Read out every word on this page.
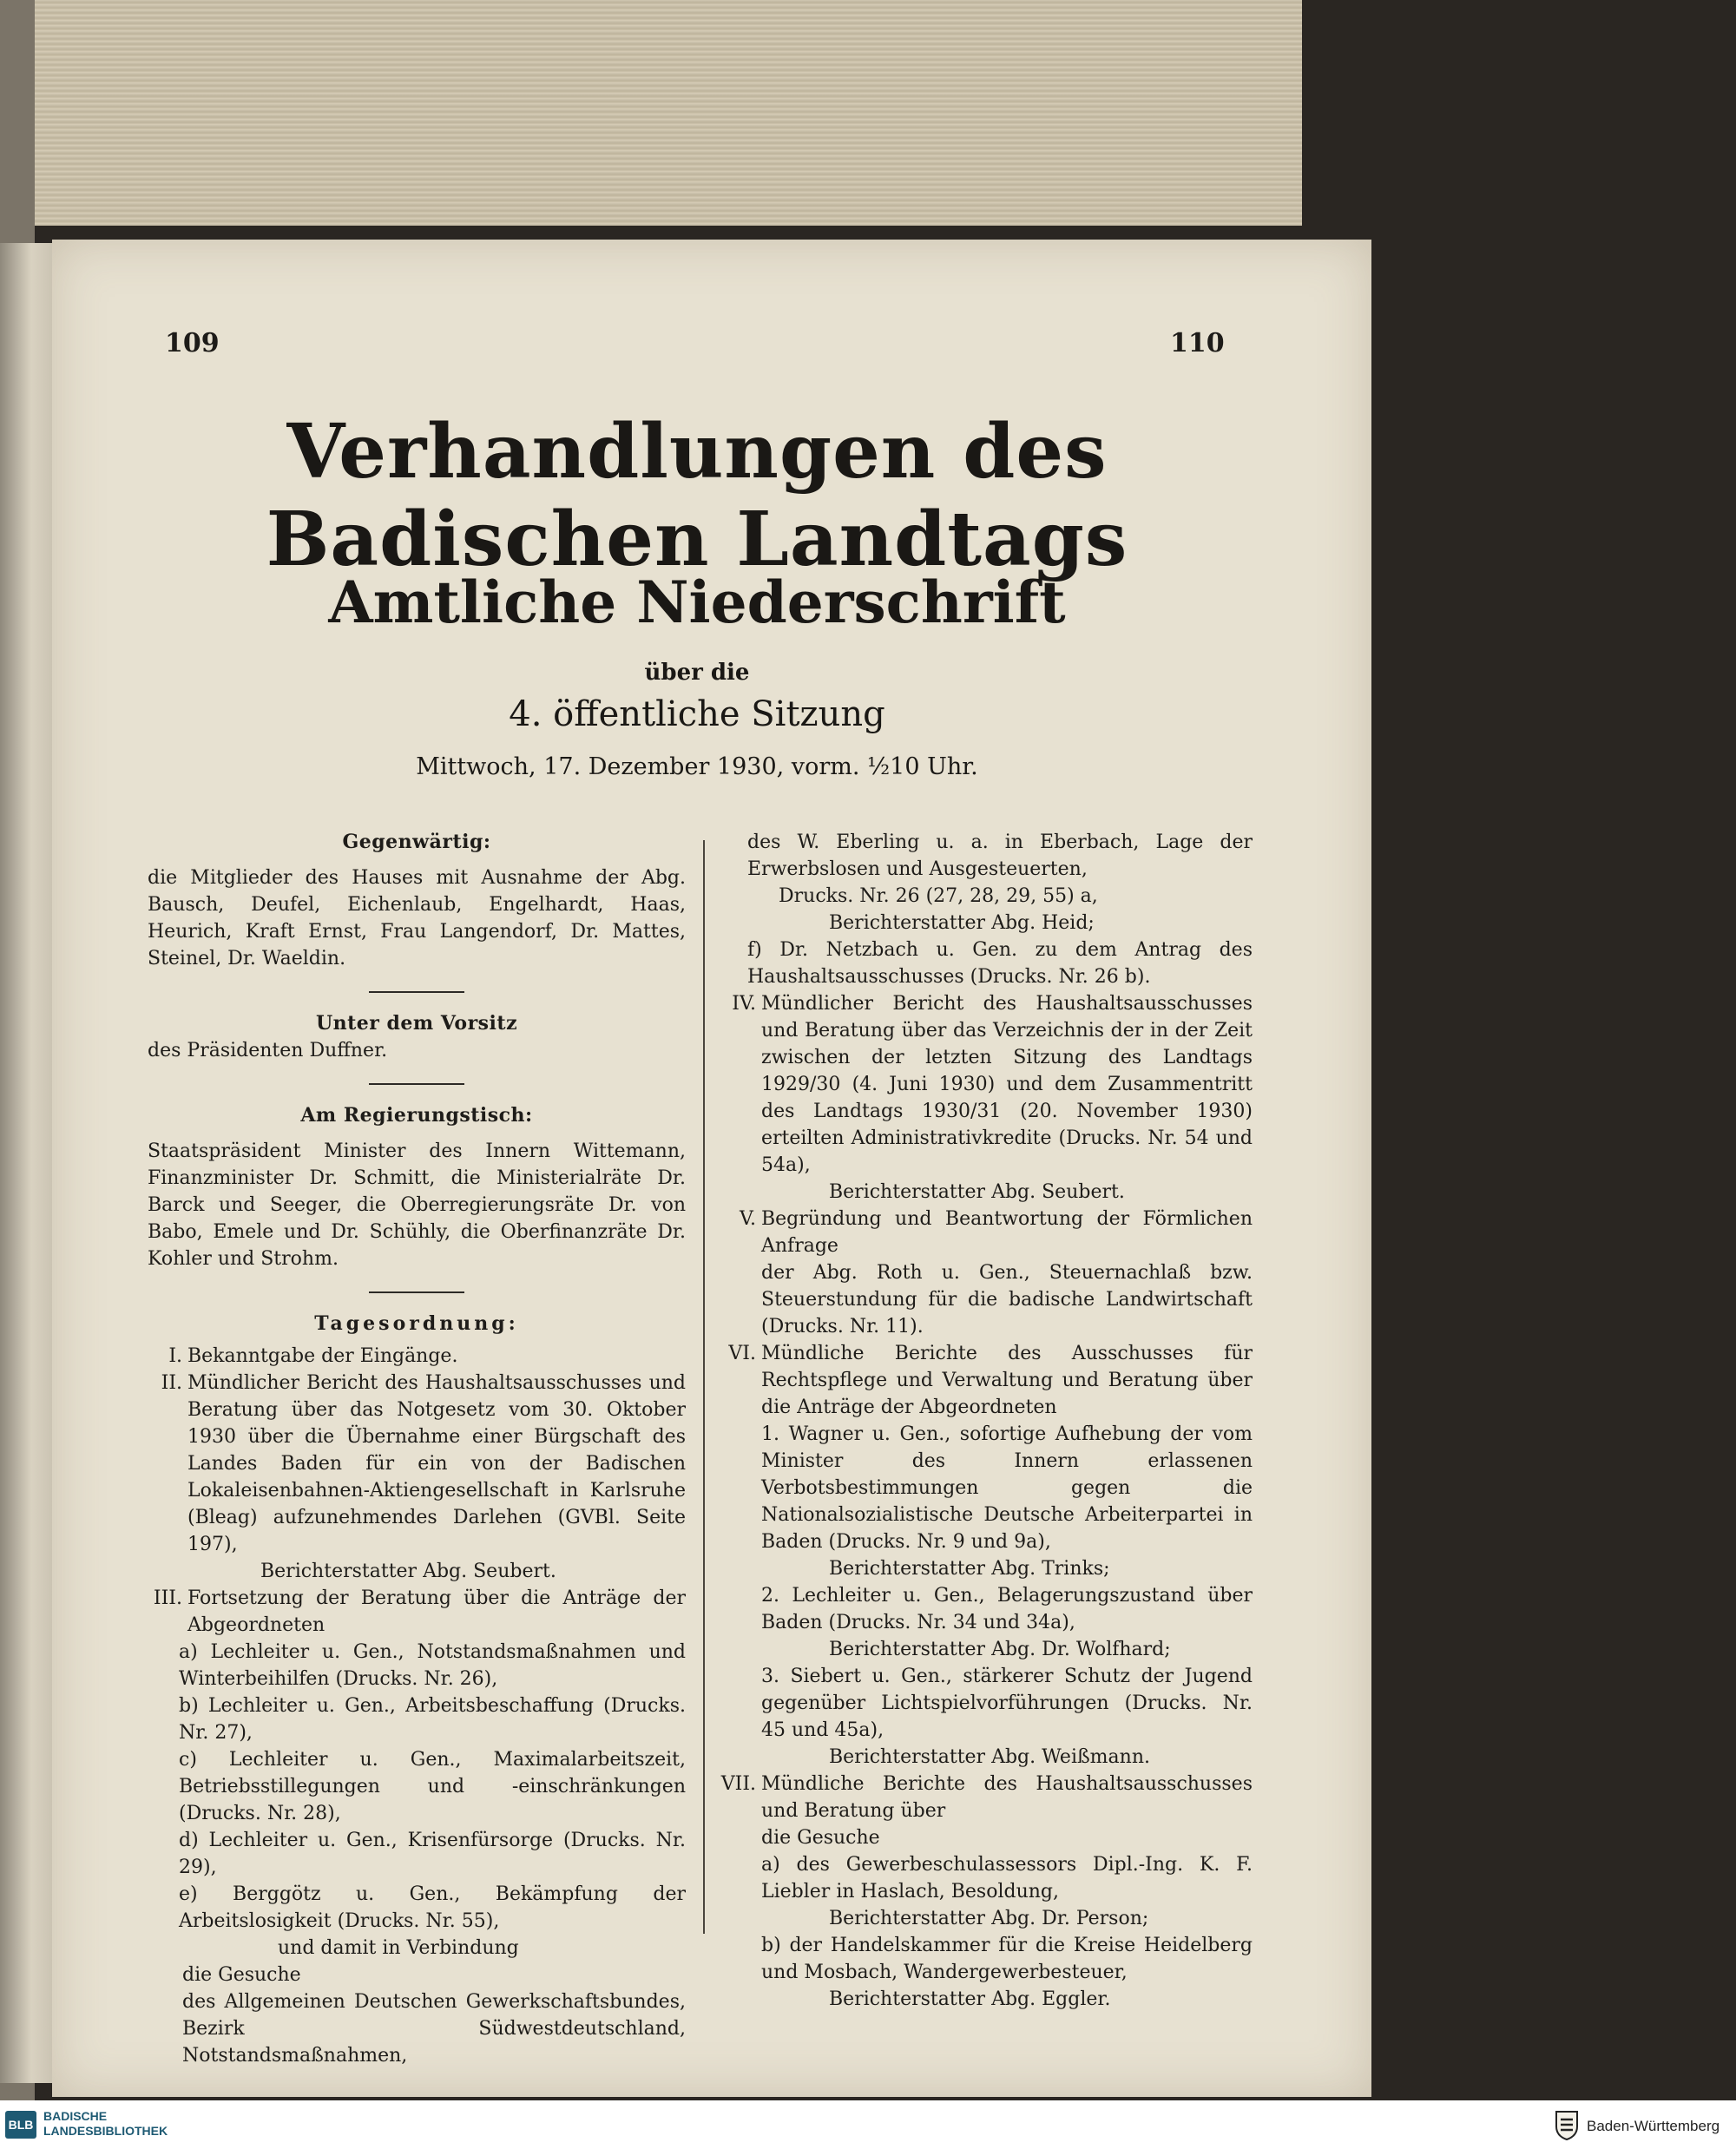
109	110
Verhandlungen des Badischen Landtags
Amtliche Niederschrift
über die
4. öffentliche Sitzung
Mittwoch, 17. Dezember 1930, vorm. ½10 Uhr.
Gegenwärtig:

die Mitglieder des Hauses mit Ausnahme der Abg. Bausch, Deufel, Eichenlaub, Engelhardt, Haas, Heurich, Kraft Ernst, Frau Langendorf, Dr. Mattes, Steinel, Dr. Waeldin.

Unter dem Vorsitz

des Präsidenten Duffner.

Am Regierungstisch:

Staatspräsident Minister des Innern Wittemann, Finanzminister Dr. Schmitt, die Ministerialräte Dr. Barck und Seeger, die Oberregierungsräte Dr. von Babo, Emele und Dr. Schühly, die Oberfinanzräte Dr. Kohler und Strohm.

Tagesordnung:
I. Bekanntgabe der Eingänge.
II. Mündlicher Bericht des Haushaltsausschusses und Beratung über das Notgesetz vom 30. Oktober 1930 über die Übernahme einer Bürgschaft des Landes Baden für ein von der Badischen Lokaleisenbahnen-Aktiengesellschaft in Karlsruhe (Bleag) aufzunehmendes Darlehen (GVBl. Seite 197),
Berichterstatter Abg. Seubert.
III. Fortsetzung der Beratung über die Anträge der Abgeordneten

a) Lechleiter u. Gen., Notstandsmaßnahmen und Winterbeihilfen (Drucks. Nr. 26),

b) Lechleiter u. Gen., Arbeitsbeschaffung (Drucks. Nr. 27),

c) Lechleiter u. Gen., Maximalarbeitszeit, Betriebsstillegungen und -einschränkungen (Drucks. Nr. 28),

d) Lechleiter u. Gen., Krisenfürsorge (Drucks. Nr. 29),

e) Berggötz u. Gen., Bekämpfung der Arbeitslosigkeit (Drucks. Nr. 55),

und damit in Verbindung
die Gesuche

des Allgemeinen Deutschen Gewerkschaftsbundes, Bezirk Südwestdeutschland, Notstandsmaßnahmen,

des W. Eberling u. a. in Eberbach, Lage der Erwerbslosen und Ausgesteuerten,

Drucks. Nr. 26 (27, 28, 29, 55) a,
Berichterstatter Abg. Heid;

f) Dr. Netzbach u. Gen. zu dem Antrag des Haushaltsausschusses (Drucks. Nr. 26 b).

IV. Mündlicher Bericht des Haushaltsausschusses und Beratung über das Verzeichnis der in der Zeit zwischen der letzten Sitzung des Landtags 1929/30 (4. Juni 1930) und dem Zusammentritt des Landtags 1930/31 (20. November 1930) erteilten Administrativkredite (Drucks. Nr. 54 und 54a),
Berichterstatter Abg. Seubert.
V. Begründung und Beantwortung der Förmlichen Anfrage

der Abg. Roth u. Gen., Steuernachlaß bzw. Steuerstundung für die badische Landwirtschaft (Drucks. Nr. 11).

VI. Mündliche Berichte des Ausschusses für Rechtspflege und Verwaltung und Beratung über die Anträge der Abgeordneten

1. Wagner u. Gen., sofortige Aufhebung der vom Minister des Innern erlassenen Verbotsbestimmungen gegen die Nationalsozialistische Deutsche Arbeiterpartei in Baden (Drucks. Nr. 9 und 9a),

Berichterstatter Abg. Trinks;

2. Lechleiter u. Gen., Belagerungszustand über Baden (Drucks. Nr. 34 und 34a),

Berichterstatter Abg. Dr. Wolfhard;

3. Siebert u. Gen., stärkerer Schutz der Jugend gegenüber Lichtspielvorführungen (Drucks. Nr. 45 und 45a),

Berichterstatter Abg. Weißmann.
VII. Mündliche Berichte des Haushaltsausschusses und Beratung über
die Gesuche

a) des Gewerbeschulassessors Dipl.-Ing. K. F. Liebler in Haslach, Besoldung,

Berichterstatter Abg. Dr. Person;

b) der Handelskammer für die Kreise Heidelberg und Mosbach, Wandergewerbesteuer,

Berichterstatter Abg. Eggler.
BLB
BADISCHE
LANDESBIBLIOTHEK	Baden-Württemberg
